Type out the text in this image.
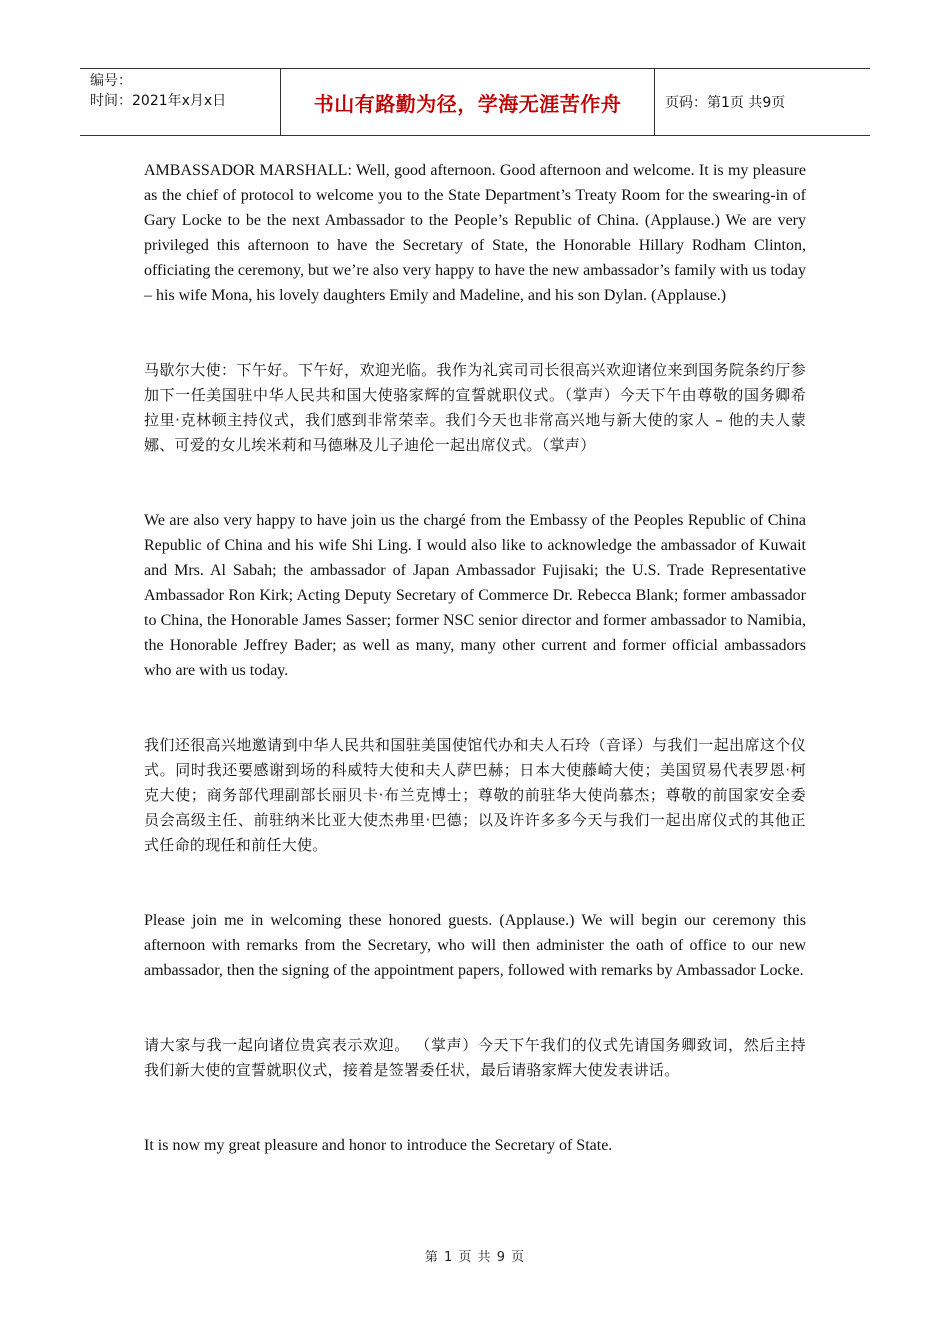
编号：
时间：2021年x月x日	书山有路勤为径，学海无涯苦作舟	页码：第1页 共9页

AMBASSADOR MARSHALL: Well, good afternoon. Good afternoon and welcome. It is my pleasure as the chief of protocol to welcome you to the State Department’s Treaty Room for the swearing-in of Gary Locke to be the next Ambassador to the People’s Republic of China. (Applause.) We are very privileged this afternoon to have the Secretary of State, the Honorable Hillary Rodham Clinton, officiating the ceremony, but we’re also very happy to have the new ambassador’s family with us today – his wife Mona, his lovely daughters Emily and Madeline, and his son Dylan. (Applause.)

马歇尔大使：下午好。下午好，欢迎光临。我作为礼宾司司长很高兴欢迎诸位来到国务院条约厅参加下一任美国驻中华人民共和国大使骆家辉的宣誓就职仪式。（掌声）今天下午由尊敬的国务卿希拉里·克林顿主持仪式，我们感到非常荣幸。我们今天也非常高兴地与新大使的家人 – 他的夫人蒙娜、可爱的女儿埃米莉和马德琳及儿子迪伦一起出席仪式。（掌声）

We are also very happy to have join us the chargé from the Embassy of the Peoples Republic of China Republic of China and his wife Shi Ling. I would also like to acknowledge the ambassador of Kuwait and Mrs. Al Sabah; the ambassador of Japan Ambassador Fujisaki; the U.S. Trade Representative Ambassador Ron Kirk; Acting Deputy Secretary of Commerce Dr. Rebecca Blank; former ambassador to China, the Honorable James Sasser; former NSC senior director and former ambassador to Namibia, the Honorable Jeffrey Bader; as well as many, many other current and former official ambassadors who are with us today.

我们还很高兴地邀请到中华人民共和国驻美国使馆代办和夫人石玲（音译）与我们一起出席这个仪式。同时我还要感谢到场的科威特大使和夫人萨巴赫；日本大使藤崎大使；美国贸易代表罗恩·柯克大使；商务部代理副部长丽贝卡·布兰克博士；尊敬的前驻华大使尚慕杰；尊敬的前国家安全委员会高级主任、前驻纳米比亚大使杰弗里·巴德；以及许许多多今天与我们一起出席仪式的其他正式任命的现任和前任大使。

Please join me in welcoming these honored guests. (Applause.) We will begin our ceremony this afternoon with remarks from the Secretary, who will then administer the oath of office to our new ambassador, then the signing of the appointment papers, followed with remarks by Ambassador Locke.

请大家与我一起向诸位贵宾表示欢迎。 （掌声）今天下午我们的仪式先请国务卿致词，然后主持我们新大使的宣誓就职仪式，接着是签署委任状，最后请骆家辉大使发表讲话。

It is now my great pleasure and honor to introduce the Secretary of State.

第 1 页 共 9 页
